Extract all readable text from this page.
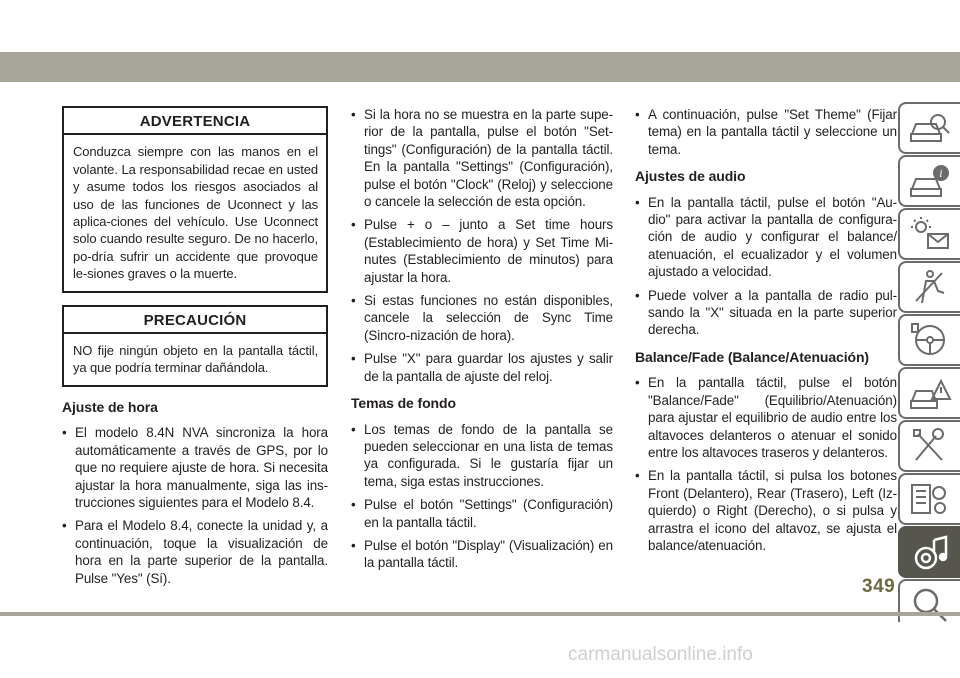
ADVERTENCIA
Conduzca siempre con las manos en el volante. La responsabilidad recae en usted y asume todos los riesgos asociados al uso de las funciones de Uconnect y las aplica-ciones del vehículo. Use Uconnect solo cuando resulte seguro. De no hacerlo, po-dría sufrir un accidente que provoque le-siones graves o la muerte.
PRECAUCIÓN
NO fije ningún objeto en la pantalla táctil, ya que podría terminar dañándola.
Ajuste de hora
• El modelo 8.4N NVA sincroniza la hora automáticamente a través de GPS, por lo que no requiere ajuste de hora. Si necesita ajustar la hora manualmente, siga las ins-trucciones siguientes para el Modelo 8.4.
• Para el Modelo 8.4, conecte la unidad y, a continuación, toque la visualización de hora en la parte superior de la pantalla. Pulse "Yes" (Sí).
• Si la hora no se muestra en la parte supe-rior de la pantalla, pulse el botón "Set-tings" (Configuración) de la pantalla táctil. En la pantalla "Settings" (Configuración), pulse el botón "Clock" (Reloj) y seleccione o cancele la selección de esta opción.
• Pulse + o – junto a Set time hours (Establecimiento de hora) y Set Time Mi-nutes (Establecimiento de minutos) para ajustar la hora.
• Si estas funciones no están disponibles, cancele la selección de Sync Time (Sincro-nización de hora).
• Pulse "X" para guardar los ajustes y salir de la pantalla de ajuste del reloj.
Temas de fondo
• Los temas de fondo de la pantalla se pueden seleccionar en una lista de temas ya configurada. Si le gustaría fijar un tema, siga estas instrucciones.
• Pulse el botón "Settings" (Configuración) en la pantalla táctil.
• Pulse el botón "Display" (Visualización) en la pantalla táctil.
• A continuación, pulse "Set Theme" (Fijar tema) en la pantalla táctil y seleccione un tema.
Ajustes de audio
• En la pantalla táctil, pulse el botón "Au-dio" para activar la pantalla de configura-ción de audio y configurar el balance/ atenuación, el ecualizador y el volumen ajustado a velocidad.
• Puede volver a la pantalla de radio pul-sando la "X" situada en la parte superior derecha.
Balance/Fade (Balance/Atenuación)
• En la pantalla táctil, pulse el botón "Balance/Fade" (Equilibrio/Atenuación) para ajustar el equilibrio de audio entre los altavoces delanteros o atenuar el sonido entre los altavoces traseros y delanteros.
• En la pantalla táctil, si pulsa los botones Front (Delantero), Rear (Trasero), Left (Iz-quierdo) o Right (Derecho), o si pulsa y arrastra el icono del altavoz, se ajusta el balance/atenuación.
i
349
carmanualsonline.info
